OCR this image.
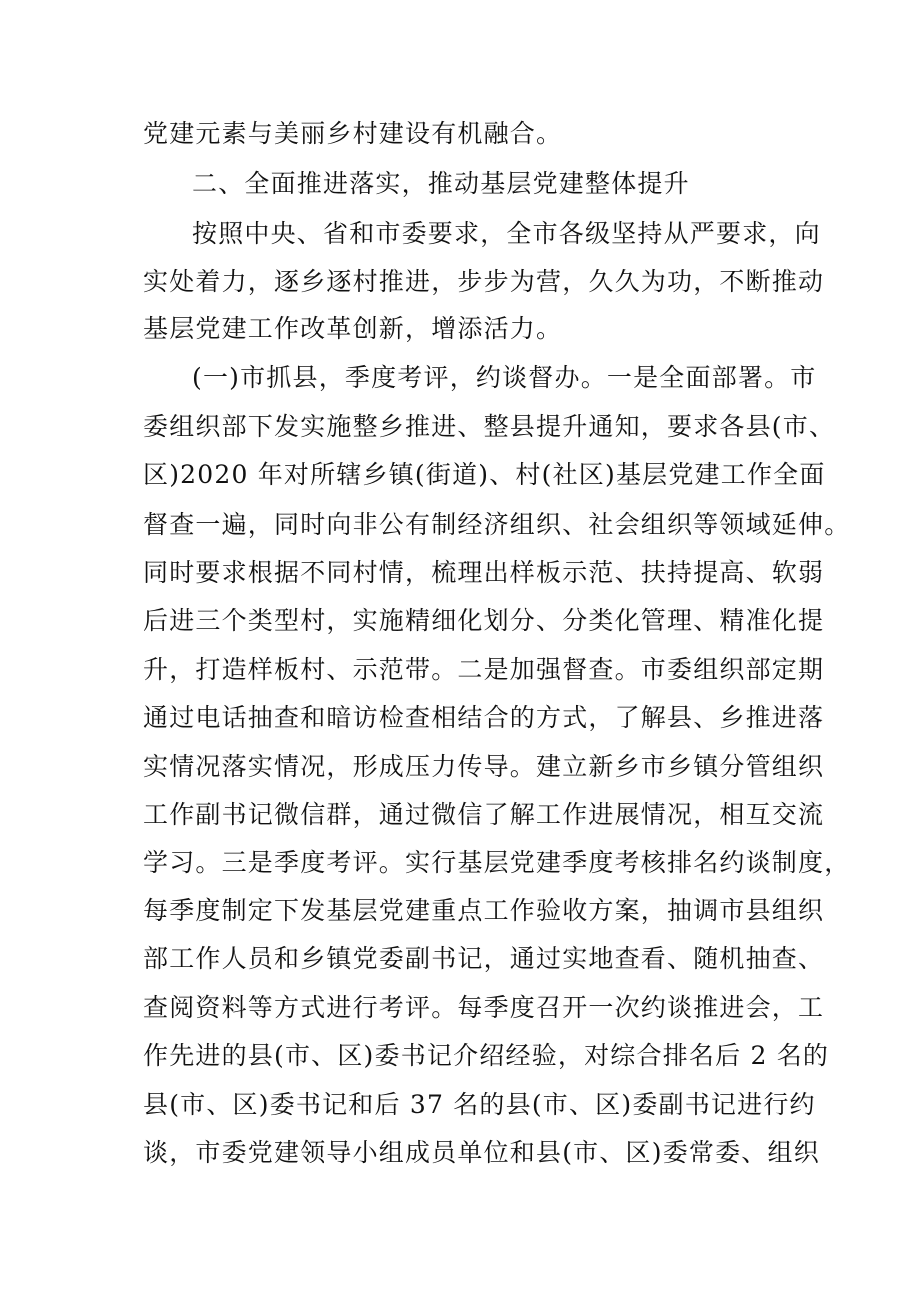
党建元素与美丽乡村建设有机融合。
二、全面推进落实，推动基层党建整体提升
按照中央、省和市委要求，全市各级坚持从严要求，向
实处着力，逐乡逐村推进，步步为营，久久为功，不断推动
基层党建工作改革创新，增添活力。
(一)市抓县，季度考评，约谈督办。一是全面部署。市
委组织部下发实施整乡推进、整县提升通知，要求各县(市、
区)2020 年对所辖乡镇(街道)、村(社区)基层党建工作全面
督查一遍，同时向非公有制经济组织、社会组织等领域延伸。
同时要求根据不同村情，梳理出样板示范、扶持提高、软弱
后进三个类型村，实施精细化划分、分类化管理、精准化提
升，打造样板村、示范带。二是加强督查。市委组织部定期
通过电话抽查和暗访检查相结合的方式，了解县、乡推进落
实情况落实情况，形成压力传导。建立新乡市乡镇分管组织
工作副书记微信群，通过微信了解工作进展情况，相互交流
学习。三是季度考评。实行基层党建季度考核排名约谈制度，
每季度制定下发基层党建重点工作验收方案，抽调市县组织
部工作人员和乡镇党委副书记，通过实地查看、随机抽查、
查阅资料等方式进行考评。每季度召开一次约谈推进会，工
作先进的县(市、区)委书记介绍经验，对综合排名后 2 名的
县(市、区)委书记和后 37 名的县(市、区)委副书记进行约
谈，市委党建领导小组成员单位和县(市、区)委常委、组织
